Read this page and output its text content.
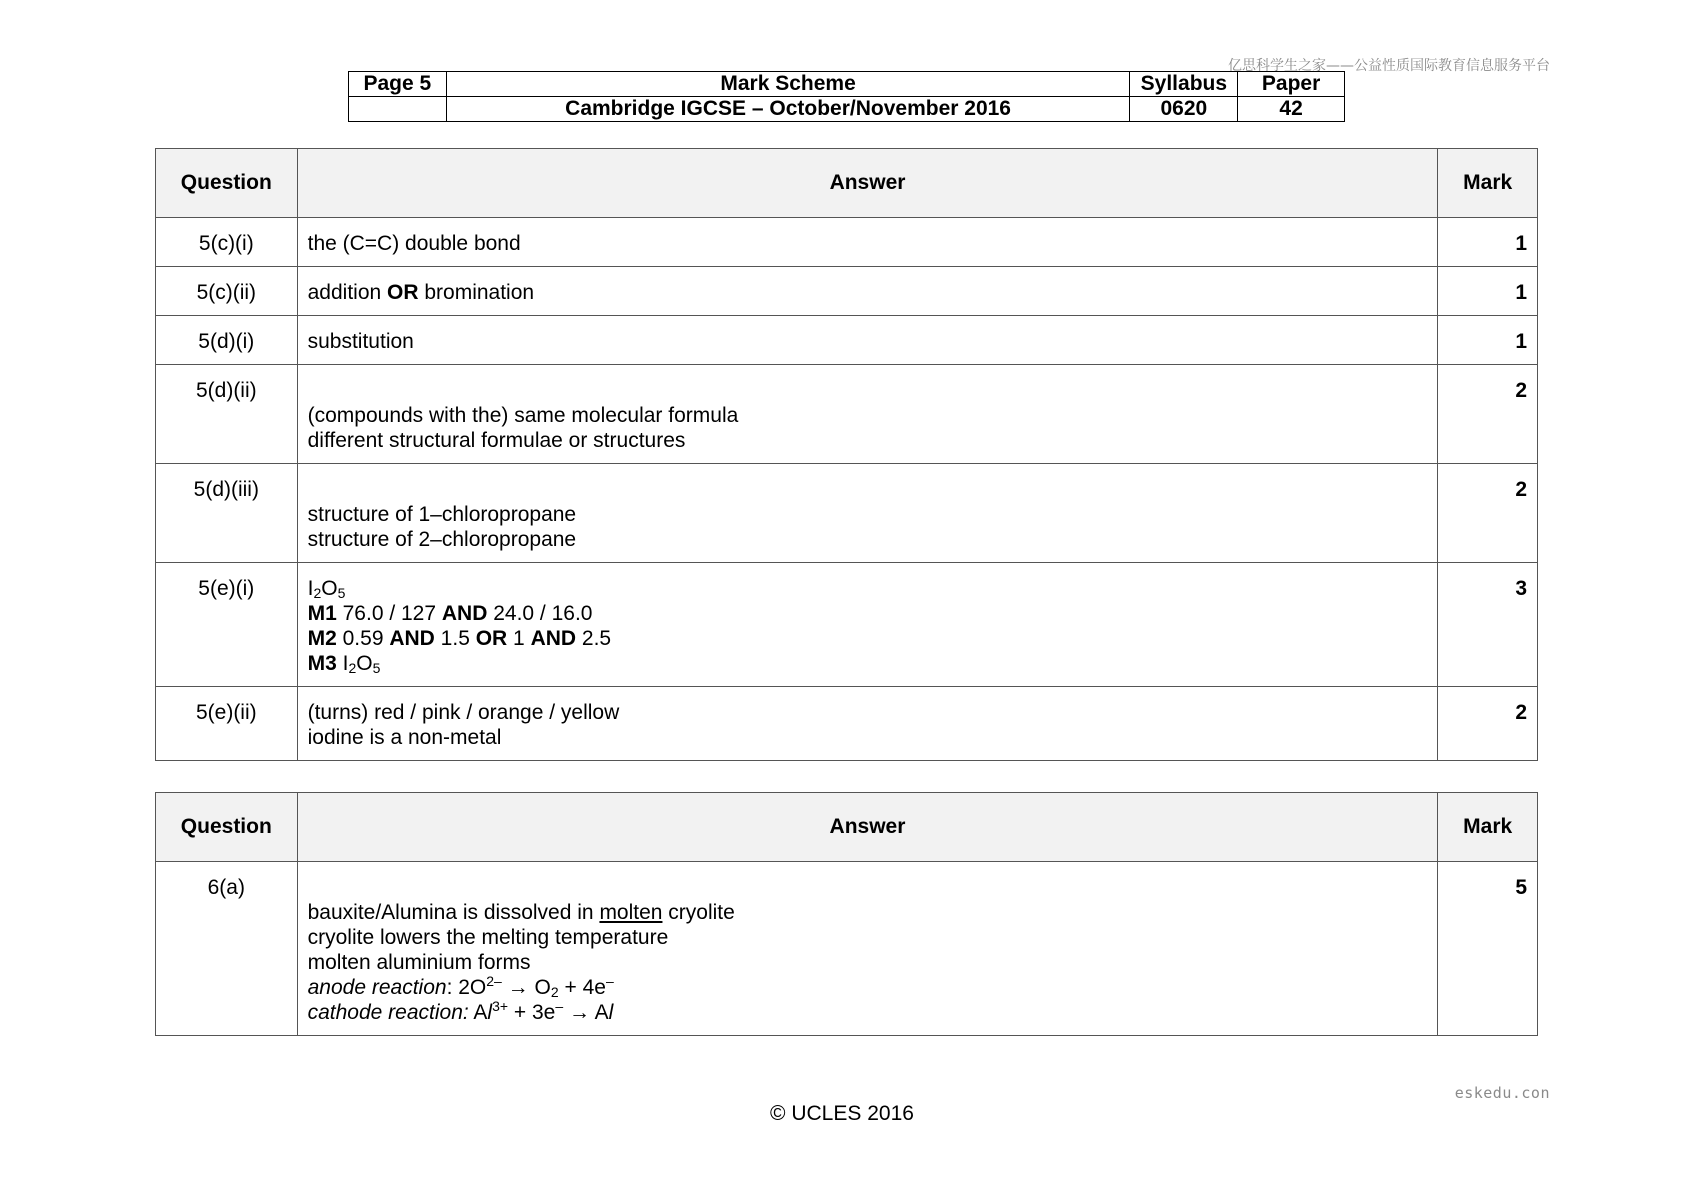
亿思科学生之家——公益性质国际教育信息服务平台
Page 5	Mark Scheme	Syllabus	Paper
	Cambridge IGCSE – October/November 2016	0620	42
Question	Answer	Mark

5(c)(i)	the (C=C) double bond	1

5(c)(ii)	addition OR bromination	1

5(d)(i)	substitution	1

5(d)(ii)	(compounds with the) same molecular formula
different structural formulae or structures	2

5(d)(iii)	structure of 1–chloropropane
structure of 2–chloropropane	2

5(e)(i)	$I_2O_5$
M1 76.0 / 127 AND 24.0 / 16.0
M2 0.59 AND 1.5 OR 1 AND 2.5
M3 $I_2O_5$	3

5(e)(ii)	(turns) red / pink / orange / yellow
iodine is a non-metal	2
Question	Answer	Mark

6(a)	bauxite/Alumina is dissolved in molten cryolite
cryolite lowers the melting temperature
molten aluminium forms
anode reaction: $2O^{2-} \to O_2 + 4e^-$
cathode reaction: $Al^{3+} + 3e^- \to Al$	5
eskedu.con
© UCLES 2016
